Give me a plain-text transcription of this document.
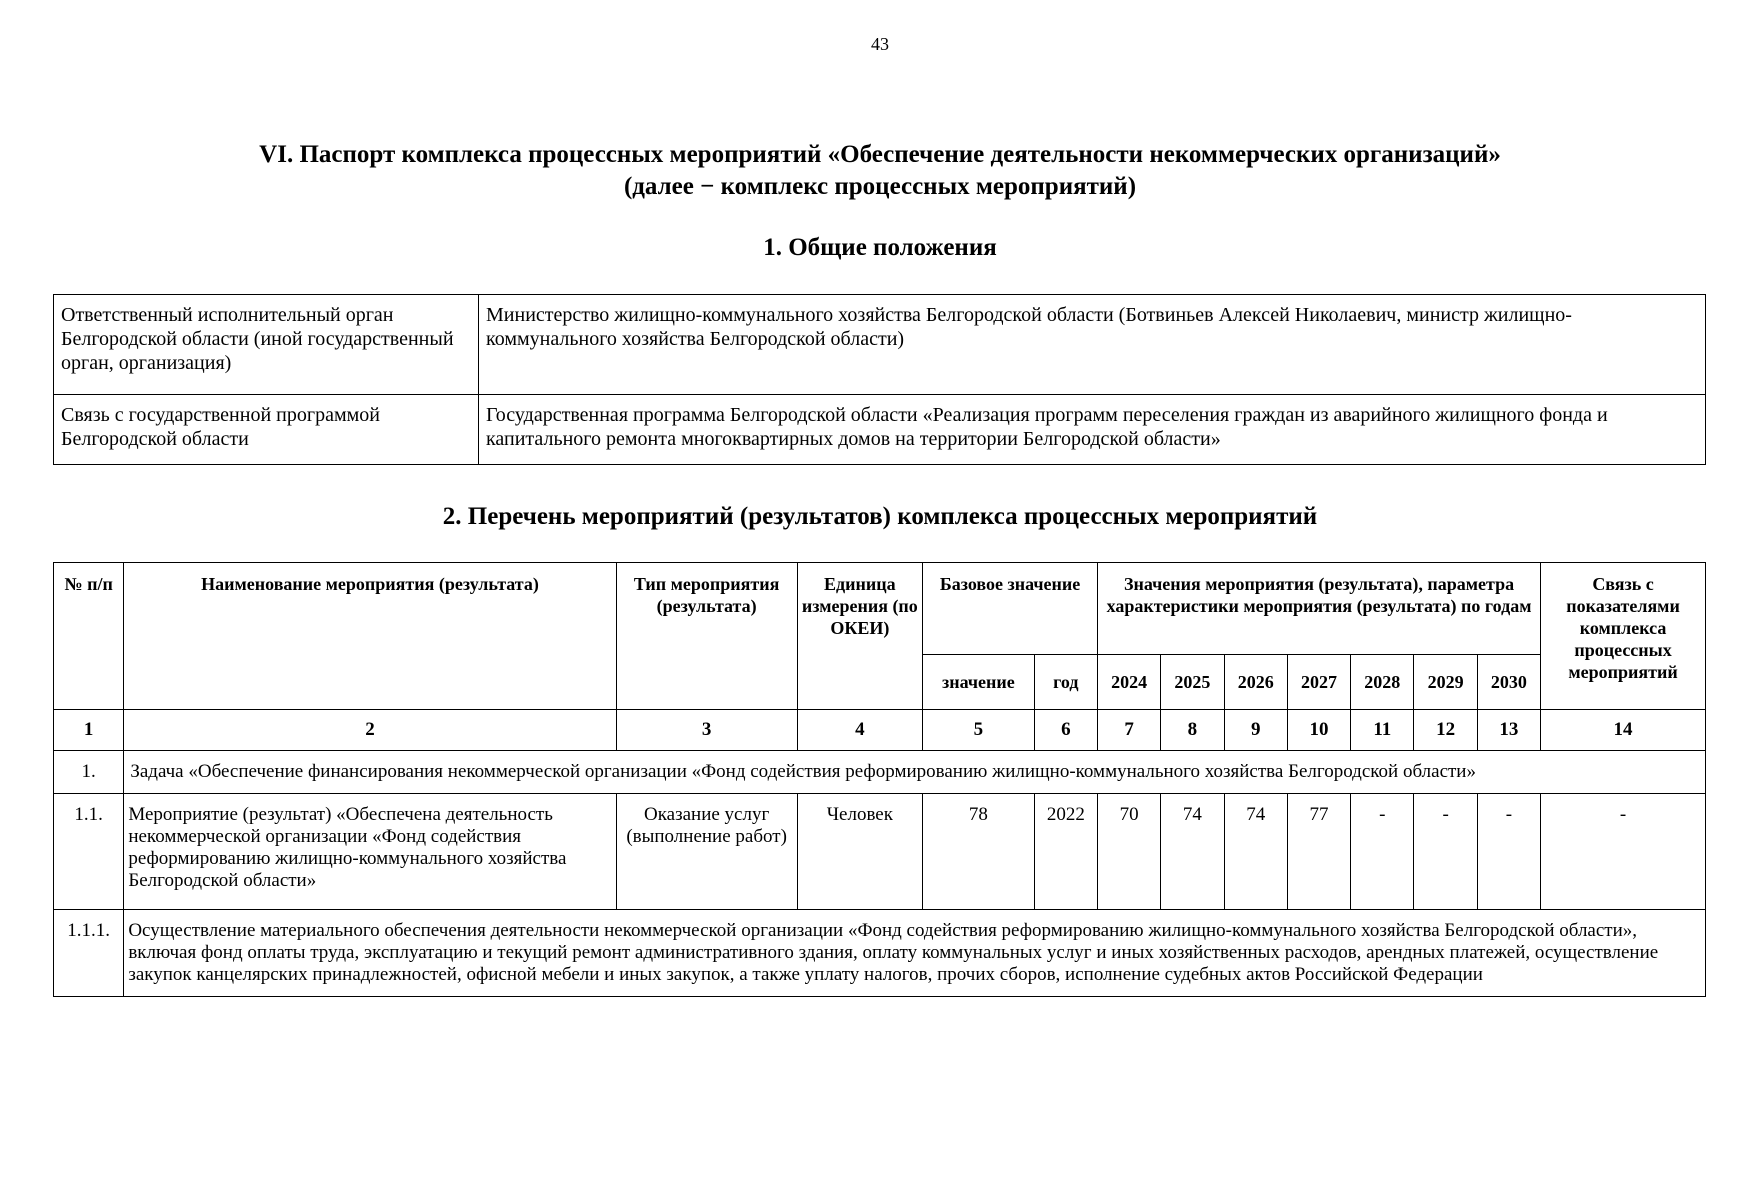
43
VI. Паспорт комплекса процессных мероприятий «Обеспечение деятельности некоммерческих организаций»
(далее − комплекс процессных мероприятий)
1. Общие положения
Ответственный исполнительный орган Белгородской области (иной государственный орган, организация)	Министерство жилищно-коммунального хозяйства Белгородской области (Ботвиньев Алексей Николаевич, министр жилищно-коммунального хозяйства Белгородской области)
Связь с государственной программой Белгородской области	Государственная программа Белгородской области «Реализация программ переселения граждан из аварийного жилищного фонда и капитального ремонта многоквартирных домов на территории Белгородской области»
2. Перечень мероприятий (результатов) комплекса процессных мероприятий
№ п/п	Наименование мероприятия (результата)	Тип мероприятия (результата)	Единица измерения (по ОКЕИ)	Базовое значение		Значения мероприятия (результата), параметра характеристики мероприятия (результата) по годам							Связь с показателями комплекса процессных мероприятий
				значение	год	2024	2025	2026	2027	2028	2029	2030	
1	2	3	4	5	6	7	8	9	10	11	12	13	14
1.	Задача «Обеспечение финансирования некоммерческой организации «Фонд содействия реформированию жилищно-коммунального хозяйства Белгородской области»												
1.1.	Мероприятие (результат) «Обеспечена деятельность некоммерческой организации «Фонд содействия реформированию жилищно-коммунального хозяйства Белгородской области»	Оказание услуг (выполнение работ)	Человек	78	2022	70	74	74	77	-	-	-	-
1.1.1.	Осуществление материального обеспечения деятельности некоммерческой организации «Фонд содействия реформированию жилищно-коммунального хозяйства Белгородской области», включая фонд оплаты труда, эксплуатацию и текущий ремонт административного здания, оплату коммунальных услуг и иных хозяйственных расходов, арендных платежей, осуществление закупок канцелярских принадлежностей, офисной мебели и иных закупок, а также уплату налогов, прочих сборов, исполнение судебных актов Российской Федерации												
